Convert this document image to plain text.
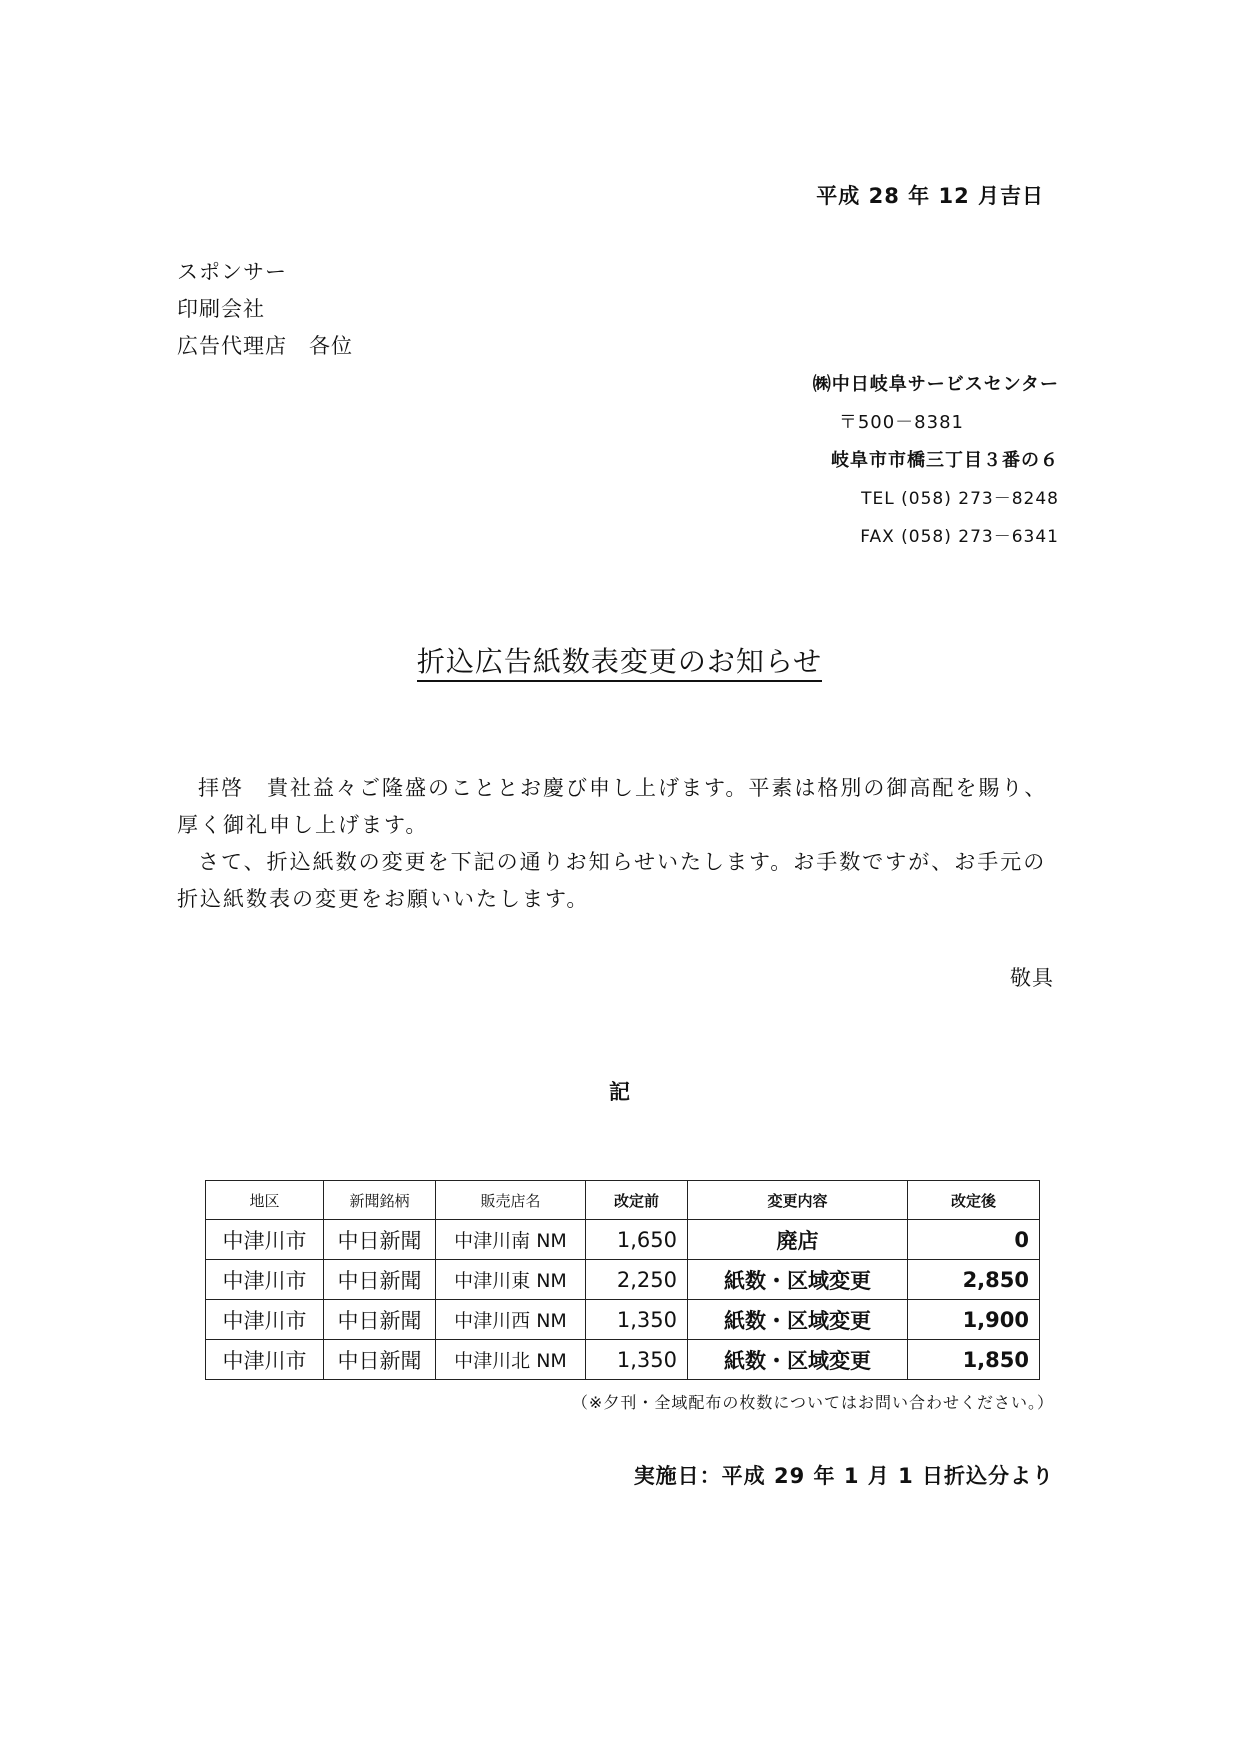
平成 28 年 12 月吉日
スポンサー
印刷会社
広告代理店　各位
㈱中日岐阜サービスセンター
〒500－8381
岐阜市市橋三丁目３番の６
TEL (058) 273－8248
FAX (058) 273－6341
折込広告紙数表変更のお知らせ

拝啓　貴社益々ご隆盛のこととお慶び申し上げます。平素は格別の御高配を賜り、厚く御礼申し上げます。

さて、折込紙数の変更を下記の通りお知らせいたします。お手数ですが、お手元の折込紙数表の変更をお願いいたします。

敬具
記
地区	新聞銘柄	販売店名	改定前	変更内容	改定後
中津川市	中日新聞	中津川南 NM	1,650	廃店	0
中津川市	中日新聞	中津川東 NM	2,250	紙数・区域変更	2,850
中津川市	中日新聞	中津川西 NM	1,350	紙数・区域変更	1,900
中津川市	中日新聞	中津川北 NM	1,350	紙数・区域変更	1,850
（※夕刊・全域配布の枚数についてはお問い合わせください。）
実施日：平成 29 年 1 月 1 日折込分より
